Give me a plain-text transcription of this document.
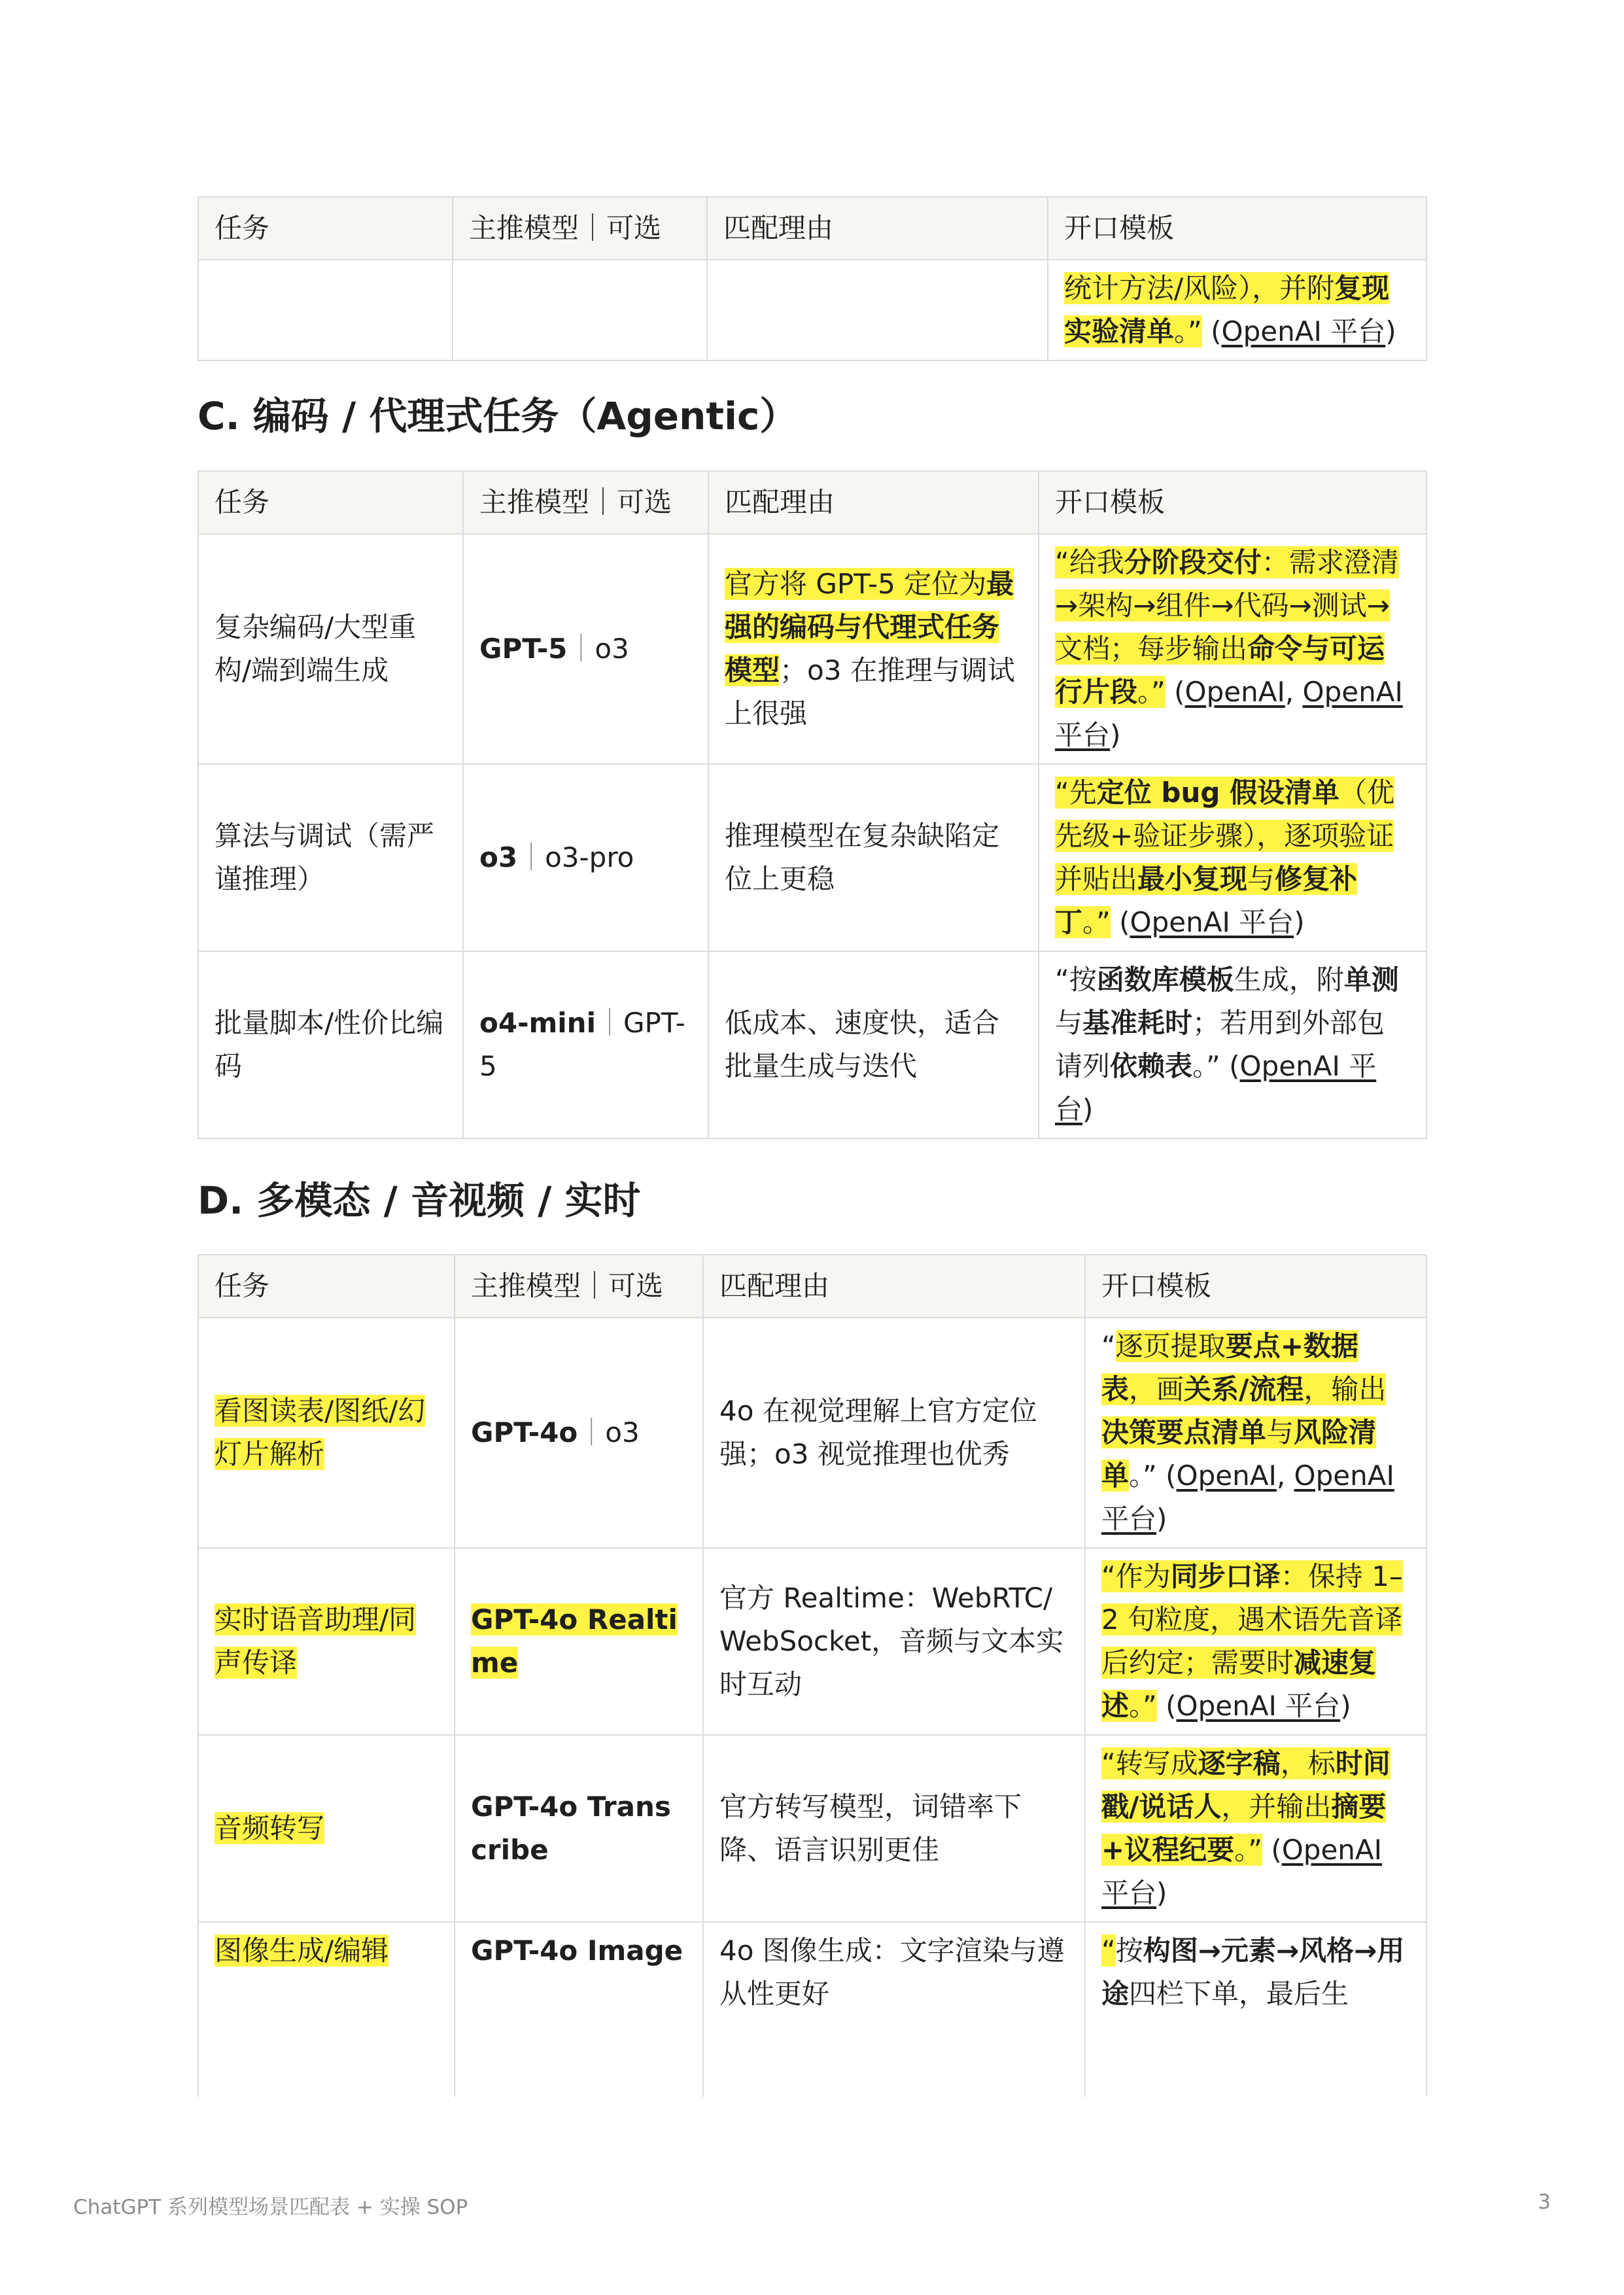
任务	主推模型｜可选	匹配理由	开口模板
			统计方法/风险），并附复现实验清单。” (OpenAI 平台)
C. 编码 / 代理式任务（Agentic）
任务	主推模型｜可选	匹配理由	开口模板
复杂编码/大型重构/端到端生成	GPT-5｜o3	官方将 GPT-5 定位为最强的编码与代理式任务模型；o3 在推理与调试上很强	“给我分阶段交付：需求澄清→架构→组件→代码→测试→文档；每步输出命令与可运行片段。” (OpenAI, OpenAI 平台)
算法与调试（需严谨推理）	o3｜o3-pro	推理模型在复杂缺陷定位上更稳	“先定位 bug 假设清单（优先级+验证步骤），逐项验证并贴出最小复现与修复补丁。” (OpenAI 平台)
批量脚本/性价比编码	o4-mini｜GPT-5	低成本、速度快，适合批量生成与迭代	“按函数库模板生成，附单测与基准耗时；若用到外部包请列依赖表。” (OpenAI 平台)
D. 多模态 / 音视频 / 实时
任务	主推模型｜可选	匹配理由	开口模板
看图读表/图纸/幻灯片解析	GPT-4o｜o3	4o 在视觉理解上官方定位强；o3 视觉推理也优秀	“逐页提取要点+数据表，画关系/流程，输出决策要点清单与风险清单。” (OpenAI, OpenAI 平台)
实时语音助理/同声传译	GPT-4o Realtime	官方 Realtime：WebRTC/WebSocket，音频与文本实时互动	“作为同步口译：保持 1–2 句粒度，遇术语先音译后约定；需要时减速复述。” (OpenAI 平台)
音频转写	GPT-4o Transcribe	官方转写模型，词错率下降、语言识别更佳	“转写成逐字稿，标时间戳/说话人，并输出摘要+议程纪要。” (OpenAI 平台)
图像生成/编辑	GPT-4o Image	4o 图像生成：文字渲染与遵从性更好	“按构图→元素→风格→用途四栏下单，最后生
ChatGPT 系列模型场景匹配表 + 实操 SOP	3
